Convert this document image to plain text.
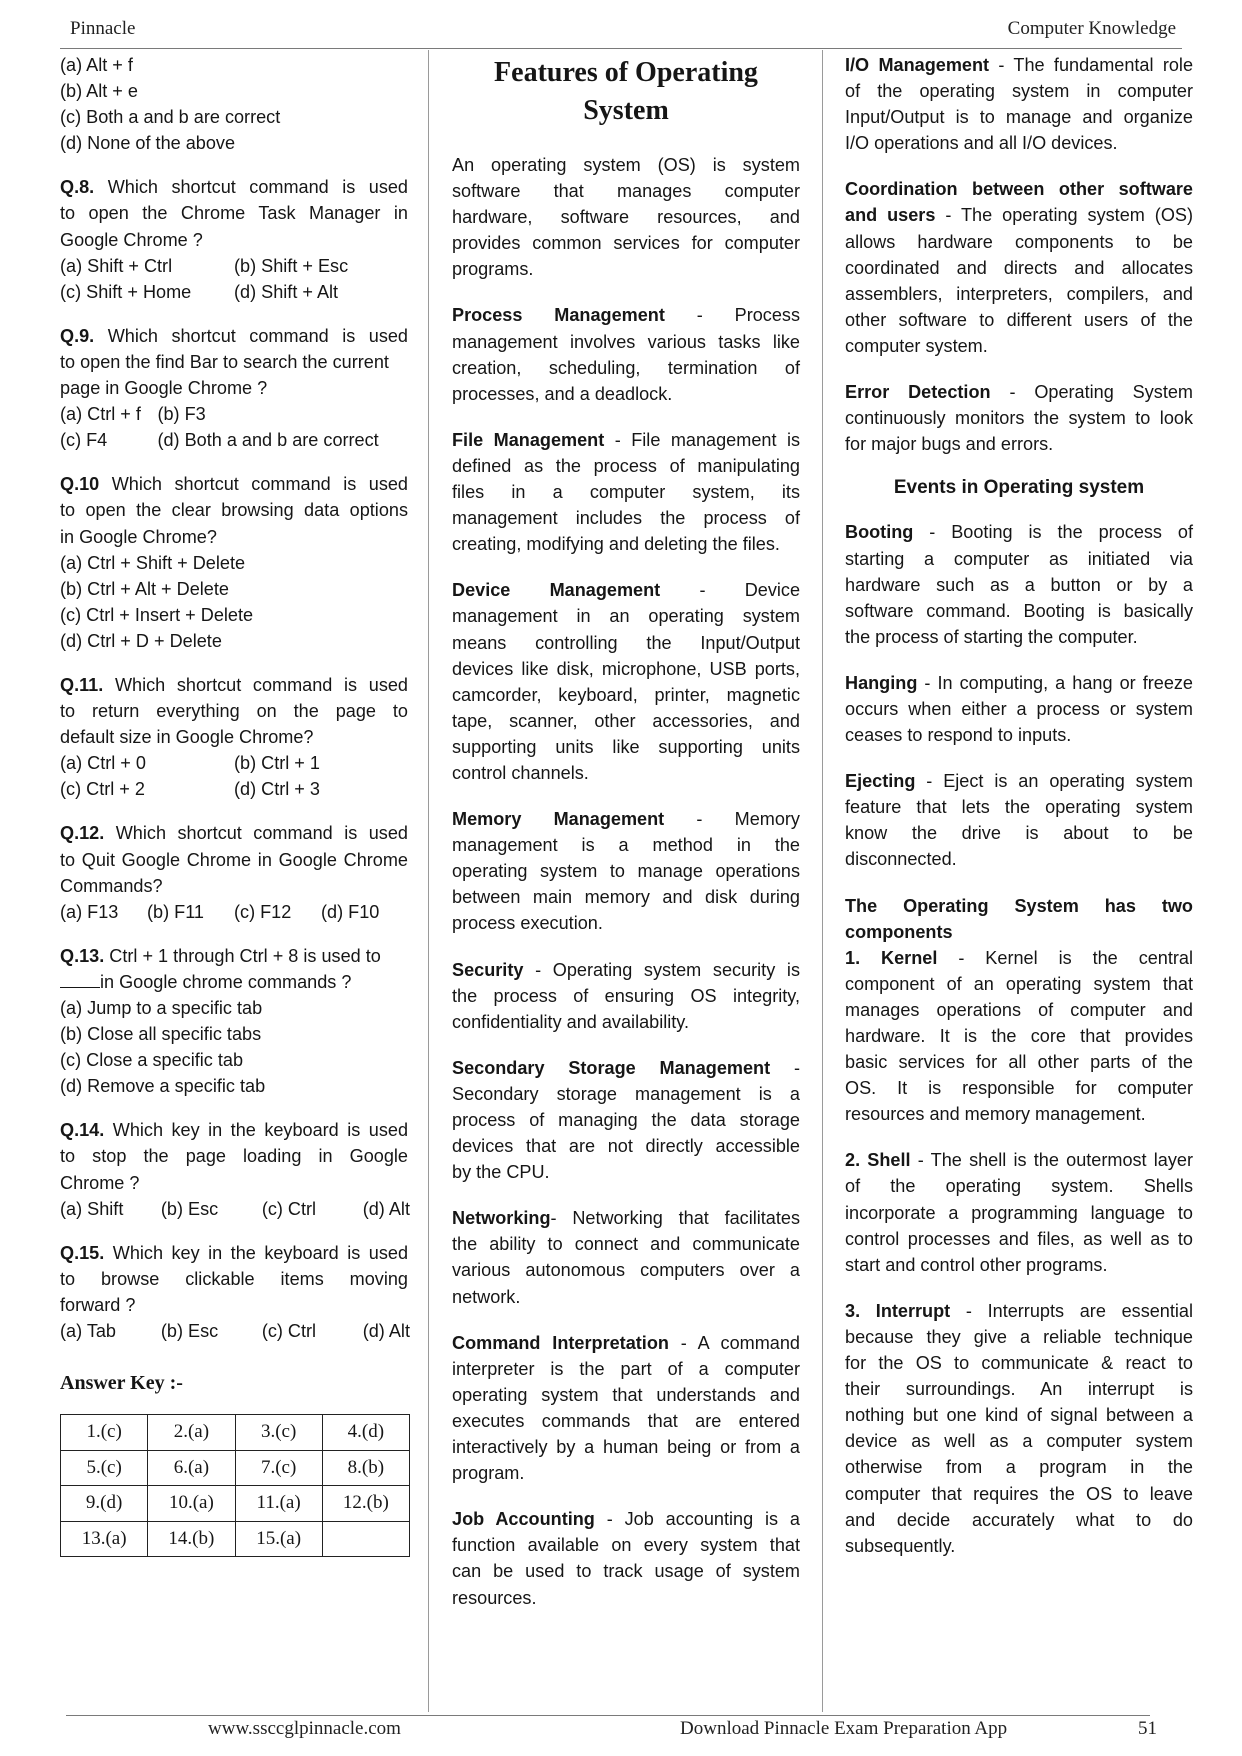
Pinnacle	Computer Knowledge
(a) Alt + f
(b) Alt + e
(c) Both a and b are correct
(d) None of the above
Q.8. Which shortcut command is used
to open the Chrome Task Manager in
Google Chrome ?
(a) Shift + Ctrl	(b) Shift + Esc
(c) Shift + Home	(d) Shift + Alt
Q.9. Which shortcut command is used
to open the find Bar to search the current
page in Google Chrome ?
(a) Ctrl + f (b) F3
(c) F4	(d) Both a and b are correct
Q.10 Which shortcut command is used
to open the clear browsing data options
in Google Chrome?
(a) Ctrl + Shift + Delete
(b) Ctrl + Alt + Delete
(c) Ctrl + Insert + Delete
(d) Ctrl + D + Delete
Q.11. Which shortcut command is used
to return everything on the page to
default size in Google Chrome?
(a) Ctrl + 0	(b) Ctrl + 1
(c) Ctrl + 2	(d) Ctrl + 3
Q.12. Which shortcut command is used
to Quit Google Chrome in Google Chrome
Commands?
(a) F13	(b) F11	(c) F12	(d) F10
Q.13. Ctrl + 1 through Ctrl + 8 is used to
in Google chrome commands ?
(a) Jump to a specific tab
(b) Close all specific tabs
(c) Close a specific tab
(d) Remove a specific tab
Q.14. Which key in the keyboard is used
to stop the page loading in Google
Chrome ?
(a) Shift	(b) Esc	(c) Ctrl	(d) Alt
Q.15. Which key in the keyboard is used
to browse clickable items moving
forward ?
(a) Tab	(b) Esc	(c) Ctrl	(d) Alt
Answer Key :-
1.(c)	2.(a)	3.(c)	4.(d)
5.(c)	6.(a)	7.(c)	8.(b)
9.(d)	10.(a)	11.(a)	12.(b)
13.(a)	14.(b)	15.(a)	
Features of Operating
System
An operating system (OS) is system
software that manages computer
hardware, software resources, and
provides common services for computer
programs.
Process Management - Process
management involves various tasks like
creation, scheduling, termination of
processes, and a deadlock.
File Management - File management is
defined as the process of manipulating
files in a computer system, its
management includes the process of
creating, modifying and deleting the files.
Device Management - Device
management in an operating system
means controlling the Input/Output
devices like disk, microphone, USB ports,
camcorder, keyboard, printer, magnetic
tape, scanner, other accessories, and
supporting units like supporting units
control channels.
Memory Management - Memory
management is a method in the
operating system to manage operations
between main memory and disk during
process execution.
Security - Operating system security is
the process of ensuring OS integrity,
confidentiality and availability.
Secondary Storage Management -
Secondary storage management is a
process of managing the data storage
devices that are not directly accessible
by the CPU.
Networking- Networking that facilitates
the ability to connect and communicate
various autonomous computers over a
network.
Command Interpretation - A command
interpreter is the part of a computer
operating system that understands and
executes commands that are entered
interactively by a human being or from a
program.
Job Accounting - Job accounting is a
function available on every system that
can be used to track usage of system
resources.
I/O Management - The fundamental role
of the operating system in computer
Input/Output is to manage and organize
I/O operations and all I/O devices.
Coordination between other software
and users - The operating system (OS)
allows hardware components to be
coordinated and directs and allocates
assemblers, interpreters, compilers, and
other software to different users of the
computer system.
Error Detection - Operating System
continuously monitors the system to look
for major bugs and errors.
Events in Operating system
Booting - Booting is the process of
starting a computer as initiated via
hardware such as a button or by a
software command. Booting is basically
the process of starting the computer.
Hanging - In computing, a hang or freeze
occurs when either a process or system
ceases to respond to inputs.
Ejecting - Eject is an operating system
feature that lets the operating system
know the drive is about to be
disconnected.
The Operating System has two
components
1. Kernel - Kernel is the central
component of an operating system that
manages operations of computer and
hardware. It is the core that provides
basic services for all other parts of the
OS. It is responsible for computer
resources and memory management.
2. Shell - The shell is the outermost layer
of the operating system. Shells
incorporate a programming language to
control processes and files, as well as to
start and control other programs.
3. Interrupt - Interrupts are essential
because they give a reliable technique
for the OS to communicate & react to
their surroundings. An interrupt is
nothing but one kind of signal between a
device as well as a computer system
otherwise from a program in the
computer that requires the OS to leave
and decide accurately what to do
subsequently.
www.ssccglpinnacle.com	Download Pinnacle Exam Preparation App	51
